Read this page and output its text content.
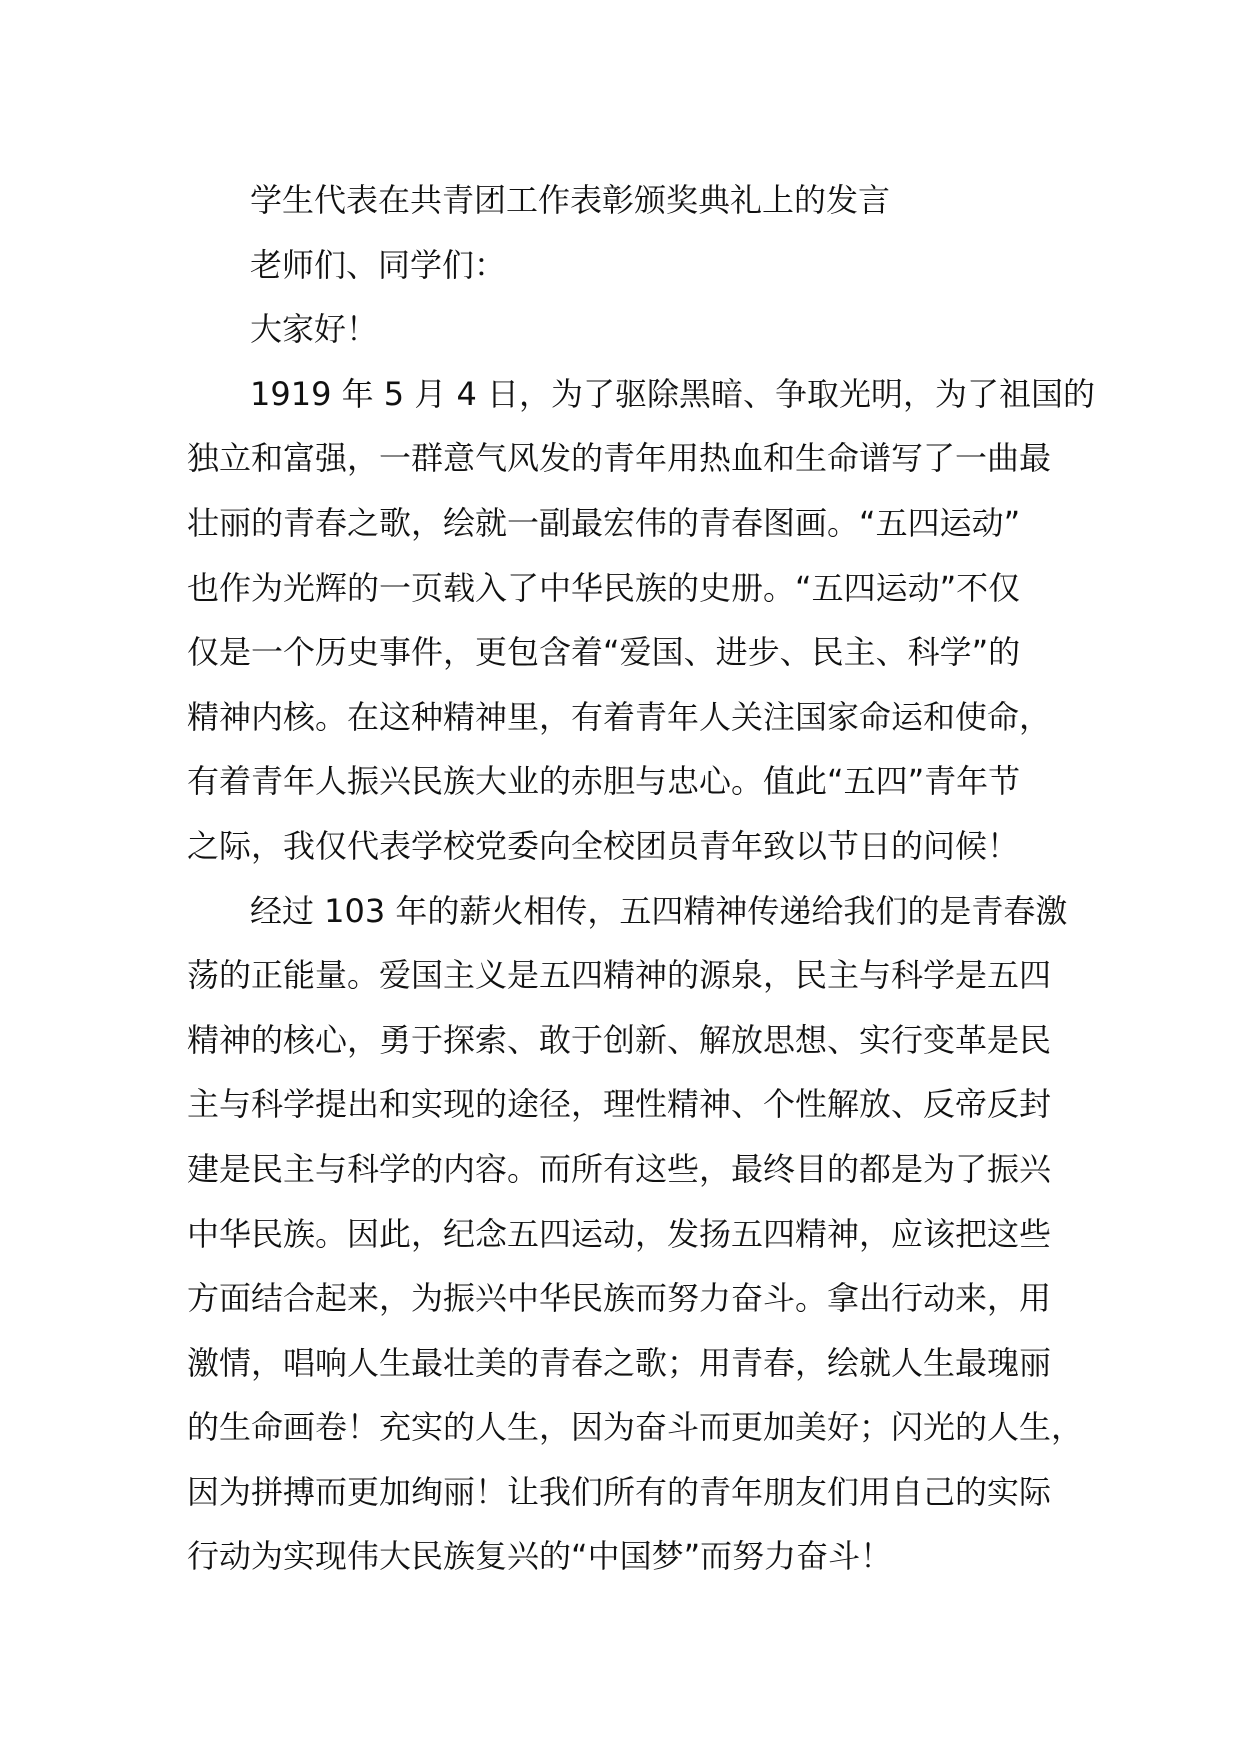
学生代表在共青团工作表彰颁奖典礼上的发言
老师们、同学们：
大家好！
1919 年 5 月 4 日，为了驱除黑暗、争取光明，为了祖国的
独立和富强，一群意气风发的青年用热血和生命谱写了一曲最
壮丽的青春之歌，绘就一副最宏伟的青春图画。“五四运动”
也作为光辉的一页载入了中华民族的史册。“五四运动”不仅
仅是一个历史事件，更包含着“爱国、进步、民主、科学”的
精神内核。在这种精神里，有着青年人关注国家命运和使命，
有着青年人振兴民族大业的赤胆与忠心。值此“五四”青年节
之际，我仅代表学校党委向全校团员青年致以节日的问候！
经过 103 年的薪火相传，五四精神传递给我们的是青春激
荡的正能量。爱国主义是五四精神的源泉，民主与科学是五四
精神的核心，勇于探索、敢于创新、解放思想、实行变革是民
主与科学提出和实现的途径，理性精神、个性解放、反帝反封
建是民主与科学的内容。而所有这些，最终目的都是为了振兴
中华民族。因此，纪念五四运动，发扬五四精神，应该把这些
方面结合起来，为振兴中华民族而努力奋斗。拿出行动来，用
激情，唱响人生最壮美的青春之歌；用青春，绘就人生最瑰丽
的生命画卷！充实的人生，因为奋斗而更加美好；闪光的人生，
因为拼搏而更加绚丽！让我们所有的青年朋友们用自己的实际
行动为实现伟大民族复兴的“中国梦”而努力奋斗！
